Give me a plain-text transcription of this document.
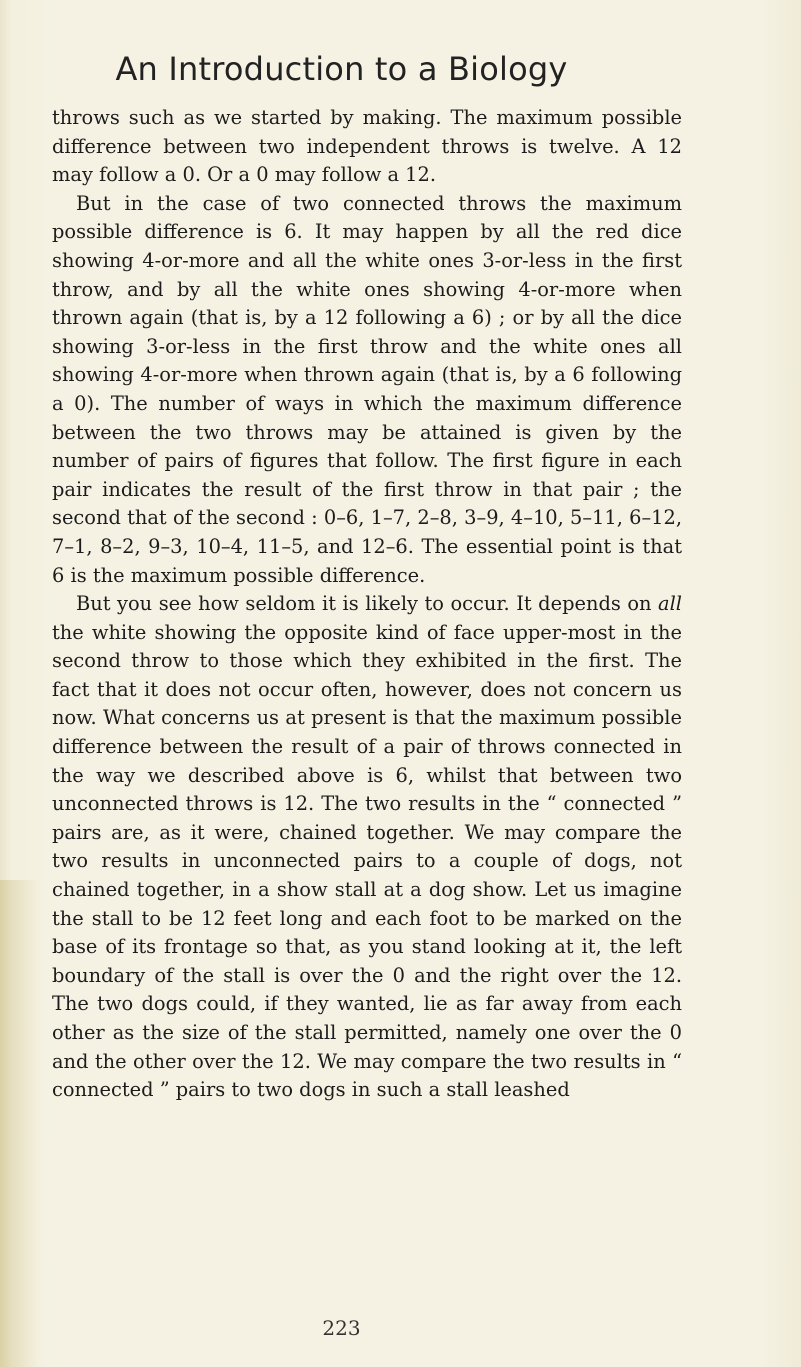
An Introduction to a Biology

throws such as we started by making. The maximum possible difference between two independent throws is twelve. A 12 may follow a 0. Or a 0 may follow a 12.

But in the case of two connected throws the maximum possible difference is 6. It may happen by all the red dice showing 4-or-more and all the white ones 3-or-less in the first throw, and by all the white ones showing 4-or-more when thrown again (that is, by a 12 following a 6) ; or by all the dice showing 3-or-less in the first throw and the white ones all showing 4-or-more when thrown again (that is, by a 6 following a 0). The number of ways in which the maximum difference between the two throws may be attained is given by the number of pairs of figures that follow. The first figure in each pair indicates the result of the first throw in that pair ; the second that of the second : 0–6, 1–7, 2–8, 3–9, 4–10, 5–11, 6–12, 7–1, 8–2, 9–3, 10–4, 11–5, and 12–6. The essential point is that 6 is the maximum possible difference.

But you see how seldom it is likely to occur. It depends on all the white showing the opposite kind of face upper-most in the second throw to those which they exhibited in the first. The fact that it does not occur often, however, does not concern us now. What concerns us at present is that the maximum possible difference between the result of a pair of throws connected in the way we described above is 6, whilst that between two unconnected throws is 12. The two results in the “ connected ” pairs are, as it were, chained together. We may compare the two results in unconnected pairs to a couple of dogs, not chained together, in a show stall at a dog show. Let us imagine the stall to be 12 feet long and each foot to be marked on the base of its frontage so that, as you stand looking at it, the left boundary of the stall is over the 0 and the right over the 12. The two dogs could, if they wanted, lie as far away from each other as the size of the stall permitted, namely one over the 0 and the other over the 12. We may compare the two results in “ connected ” pairs to two dogs in such a stall leashed

223
